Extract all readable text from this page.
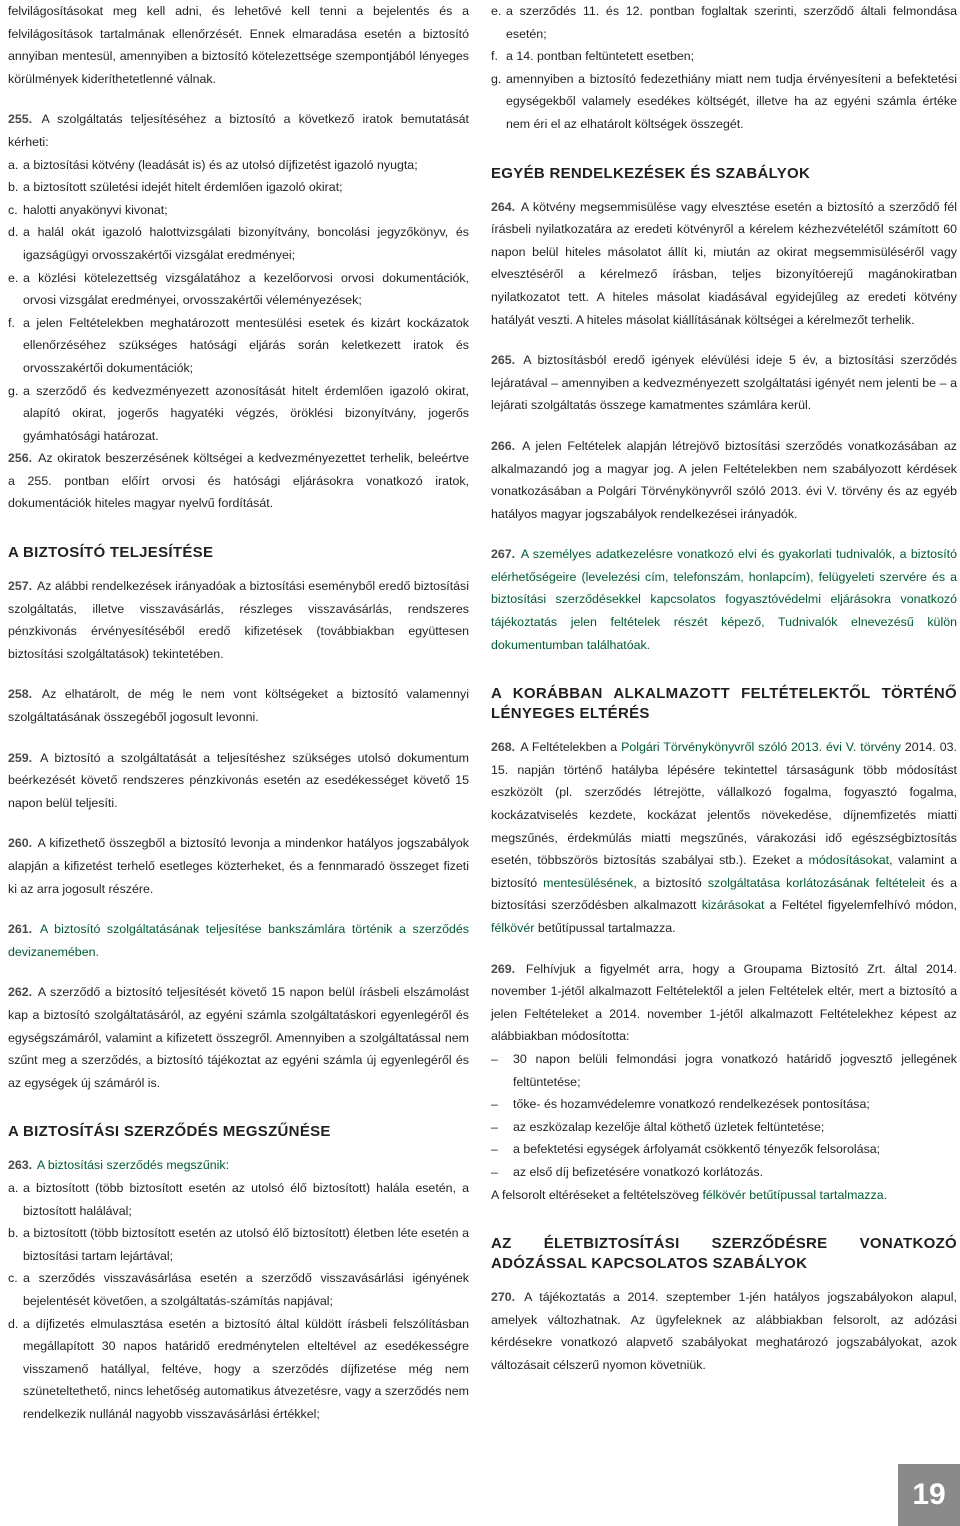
felvilágosításokat meg kell adni, és lehetővé kell tenni a bejelentés és a felvilágosítások tartalmának ellenőrzését. Ennek elmaradása esetén a biztosító annyiban mentesül, amennyiben a biztosító kötelezettsége szempontjából lényeges körülmények kideríthetetlenné válnak.

255. A szolgáltatás teljesítéséhez a biztosító a következő iratok bemutatását kérheti:

a. a biztosítási kötvény (leadását is) és az utolsó díjfizetést igazoló nyugta;
b. a biztosított születési idejét hitelt érdemlően igazoló okirat;
c. halotti anyakönyvi kivonat;
d. a halál okát igazoló halottvizsgálati bizonyítvány, boncolási jegyzőkönyv, és igazságügyi orvosszakértői vizsgálat eredményei;
e. a közlési kötelezettség vizsgálatához a kezelőorvosi orvosi dokumentációk, orvosi vizsgálat eredményei, orvosszakértői véleményezések;
f. a jelen Feltételekben meghatározott mentesülési esetek és kizárt kockázatok ellenőrzéséhez szükséges hatósági eljárás során keletkezett iratok és orvosszakértői dokumentációk;
g. a szerződő és kedvezményezett azonosítását hitelt érdemlően igazoló okirat, alapító okirat, jogerős hagyatéki végzés, öröklési bizonyítvány, jogerős gyámhatósági határozat.

256. Az okiratok beszerzésének költségei a kedvezményezettet terhelik, beleértve a 255. pontban előírt orvosi és hatósági eljárásokra vonatkozó iratok, dokumentációk hiteles magyar nyelvű fordítását.

A BIZTOSÍTÓ TELJESÍTÉSE

257. Az alábbi rendelkezések irányadóak a biztosítási eseményből eredő biztosítási szolgáltatás, illetve visszavásárlás, részleges visszavásárlás, rendszeres pénzkivonás érvényesítéséből eredő kifizetések (továbbiakban együttesen biztosítási szolgáltatások) tekintetében.

258. Az elhatárolt, de még le nem vont költségeket a biztosító valamennyi szolgáltatásának összegéből jogosult levonni.

259. A biztosító a szolgáltatását a teljesítéshez szükséges utolsó dokumentum beérkezését követő rendszeres pénzkivonás esetén az esedékességet követő 15 napon belül teljesíti.

260. A kifizethető összegből a biztosító levonja a mindenkor hatályos jogszabályok alapján a kifizetést terhelő esetleges közterheket, és a fennmaradó összeget fizeti ki az arra jogosult részére.

261. A biztosító szolgáltatásának teljesítése bankszámlára történik a szerződés devizanemében.

262. A szerződő a biztosító teljesítését követő 15 napon belül írásbeli elszámolást kap a biztosító szolgáltatásáról, az egyéni számla szolgáltatáskori egyenlegéről és egységszámáról, valamint a kifizetett összegről. Amennyiben a szolgáltatással nem szűnt meg a szerződés, a biztosító tájékoztat az egyéni számla új egyenlegéről és az egységek új számáról is.

A BIZTOSÍTÁSI SZERZŐDÉS MEGSZŰNÉSE

263. A biztosítási szerződés megszűnik:

a. a biztosított (több biztosított esetén az utolsó élő biztosított) halála esetén, a biztosított halálával;
b. a biztosított (több biztosított esetén az utolsó élő biztosított) életben léte esetén a biztosítási tartam lejártával;
c. a szerződés visszavásárlása esetén a szerződő visszavásárlási igényének bejelentését követően, a szolgáltatás-számítás napjával;
d. a díjfizetés elmulasztása esetén a biztosító által küldött írásbeli felszólításban megállapított 30 napos határidő eredménytelen elteltével az esedékességre visszamenő hatállyal, feltéve, hogy a szerződés díjfizetése még nem szüneteltethető, nincs lehetőség automatikus átvezetésre, vagy a szerződés nem rendelkezik nullánál nagyobb visszavásárlási értékkel;
e. a szerződés 11. és 12. pontban foglaltak szerinti, szerződő általi felmondása esetén;
f. a 14. pontban feltüntetett esetben;
g. amennyiben a biztosító fedezethiány miatt nem tudja érvényesíteni a befektetési egységekből valamely esedékes költségét, illetve ha az egyéni számla értéke nem éri el az elhatárolt költségek összegét.
EGYÉB RENDELKEZÉSEK ÉS SZABÁLYOK

264. A kötvény megsemmisülése vagy elvesztése esetén a biztosító a szerződő fél írásbeli nyilatkozatára az eredeti kötvényről a kérelem kézhezvételétől számított 60 napon belül hiteles másolatot állít ki, miután az okirat megsemmisüléséről vagy elvesztéséről a kérelmező írásban, teljes bizonyítóerejű magánokiratban nyilatkozatot tett. A hiteles másolat kiadásával egyidejűleg az eredeti kötvény hatályát veszti. A hiteles másolat kiállításának költségei a kérelmezőt terhelik.

265. A biztosításból eredő igények elévülési ideje 5 év, a biztosítási szerződés lejáratával – amennyiben a kedvezményezett szolgáltatási igényét nem jelenti be – a lejárati szolgáltatás összege kamatmentes számlára kerül.

266. A jelen Feltételek alapján létrejövő biztosítási szerződés vonatkozásában az alkalmazandó jog a magyar jog. A jelen Feltételekben nem szabályozott kérdések vonatkozásában a Polgári Törvénykönyvről szóló 2013. évi V. törvény és az egyéb hatályos magyar jogszabályok rendelkezései irányadók.

267. A személyes adatkezelésre vonatkozó elvi és gyakorlati tudnivalók, a biztosító elérhetőségeire (levelezési cím, telefonszám, honlapcím), felügyeleti szervére és a biztosítási szerződésekkel kapcsolatos fogyasztóvédelmi eljárásokra vonatkozó tájékoztatás jelen feltételek részét képező, Tudnivalók elnevezésű külön dokumentumban találhatóak.

A KORÁBBAN ALKALMAZOTT FELTÉTELEKTŐL TÖRTÉNŐ LÉNYEGES ELTÉRÉS

268. A Feltételekben a Polgári Törvénykönyvről szóló 2013. évi V. törvény 2014. 03. 15. napján történő hatályba lépésére tekintettel társaságunk több módosítást eszközölt (pl. szerződés létrejötte, vállalkozó fogalma, fogyasztó fogalma, kockázatviselés kezdete, kockázat jelentős növekedése, díjnemfizetés miatti megszűnés, érdekmúlás miatti megszűnés, várakozási idő egészségbiztosítás esetén, többszörös biztosítás szabályai stb.). Ezeket a módosításokat, valamint a biztosító mentesülésének, a biztosító szolgáltatása korlátozásának feltételeit és a biztosítási szerződésben alkalmazott kizárásokat a Feltétel figyelemfelhívó módon, félkövér betűtípussal tartalmazza.

269. Felhívjuk a figyelmét arra, hogy a Groupama Biztosító Zrt. által 2014. november 1-jétől alkalmazott Feltételektől a jelen Feltételek eltér, mert a biztosító a jelen Feltételeket a 2014. november 1-jétől alkalmazott Feltételekhez képest az alábbiakban módosította:

– 30 napon belüli felmondási jogra vonatkozó határidő jogvesztő jellegének feltüntetése;
– tőke- és hozamvédelemre vonatkozó rendelkezések pontosítása;
– az eszközalap kezelője által köthető üzletek feltüntetése;
– a befektetési egységek árfolyamát csökkentő tényezők felsorolása;
– az első díj befizetésére vonatkozó korlátozás.

A felsorolt eltéréseket a feltételszöveg félkövér betűtípussal tartalmazza.

AZ ÉLETBIZTOSÍTÁSI SZERZŐDÉSRE VONATKOZÓ ADÓZÁSSAL KAPCSOLATOS SZABÁLYOK

270. A tájékoztatás a 2014. szeptember 1-jén hatályos jogszabályokon alapul, amelyek változhatnak. Az ügyfeleknek az alábbiakban felsorolt, az adózási kérdésekre vonatkozó alapvető szabályokat meghatározó jogszabályokat, azok változásait célszerű nyomon követniük.

19
